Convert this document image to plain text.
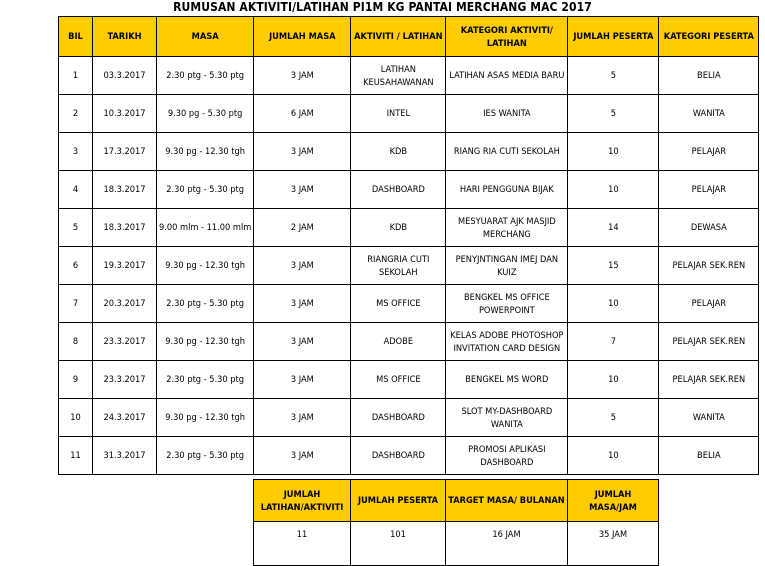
RUMUSAN AKTIVITI/LATIHAN PI1M KG PANTAI MERCHANG MAC 2017
BIL	TARIKH	MASA	JUMLAH MASA	AKTIVITI / LATIHAN	KATEGORI AKTIVITI/ LATIHAN	JUMLAH PESERTA	KATEGORI PESERTA
1	03.3.2017	2.30 ptg - 5.30 ptg	3 JAM	LATIHAN KEUSAHAWANAN	LATIHAN ASAS MEDIA BARU	5	BELIA
2	10.3.2017	9.30 pg - 5.30 ptg	6 JAM	INTEL	IES WANITA	5	WANITA
3	17.3.2017	9.30 pg - 12.30 tgh	3 JAM	KDB	RIANG RIA CUTI SEKOLAH	10	PELAJAR
4	18.3.2017	2.30 ptg - 5.30 ptg	3 JAM	DASHBOARD	HARI PENGGUNA BIJAK	10	PELAJAR
5	18.3.2017	9.00 mlm - 11.00 mlm	2 JAM	KDB	MESYUARAT AJK MASJID MERCHANG	14	DEWASA
6	19.3.2017	9.30 pg - 12.30 tgh	3 JAM	RIANGRIA CUTI SEKOLAH	PENYJNTINGAN IMEJ DAN KUIZ	15	PELAJAR SEK.REN
7	20.3.2017	2.30 ptg - 5.30 ptg	3 JAM	MS OFFICE	BENGKEL MS OFFICE POWERPOINT	10	PELAJAR
8	23.3.2017	9.30 pg - 12.30 tgh	3 JAM	ADOBE	KELAS ADOBE PHOTOSHOP INVITATION CARD DESIGN	7	PELAJAR SEK.REN
9	23.3.2017	2.30 ptg - 5.30 ptg	3 JAM	MS OFFICE	BENGKEL MS WORD	10	PELAJAR SEK.REN
10	24.3.2017	9.30 pg - 12.30 tgh	3 JAM	DASHBOARD	SLOT MY-DASHBOARD WANITA	5	WANITA
11	31.3.2017	2.30 ptg - 5.30 ptg	3 JAM	DASHBOARD	PROMOSI APLIKASI DASHBOARD	10	BELIA
JUMLAH LATIHAN/AKTIVITI	JUMLAH PESERTA	TARGET MASA/ BULANAN	JUMLAH MASA/JAM
11	101	16 JAM	35 JAM
